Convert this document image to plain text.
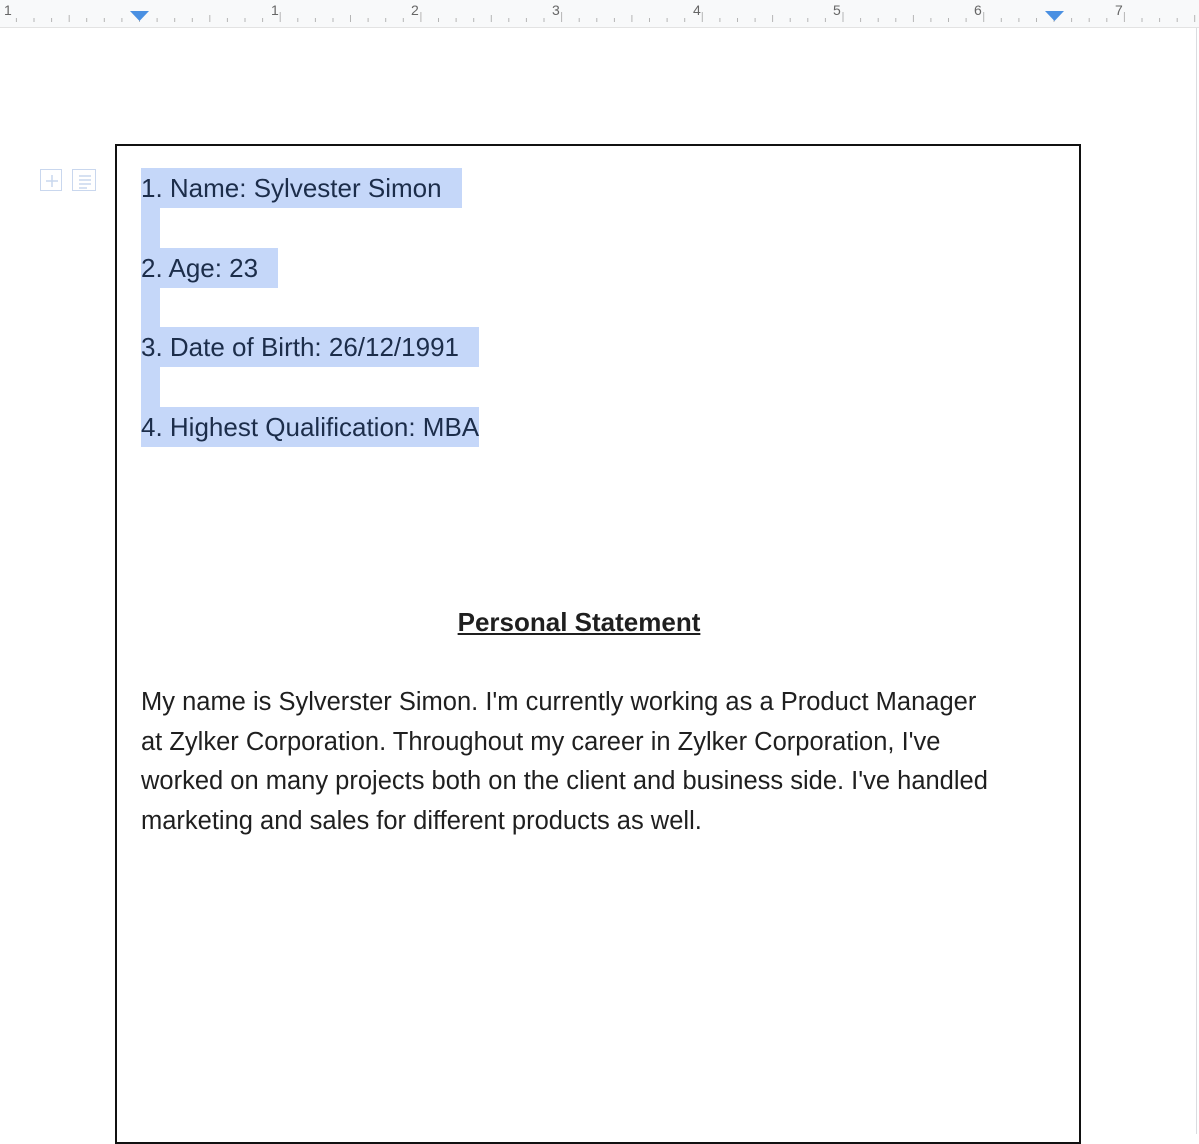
1	1	2	3	4	5	6	7
1. Name: Sylvester Simon
2. Age: 23
3. Date of Birth: 26/12/1991
4. Highest Qualification: MBA
Personal Statement
My name is Sylverster Simon. I'm currently working as a Product Manager
at Zylker Corporation. Throughout my career in Zylker Corporation, I've
worked on many projects both on the client and business side. I've handled
marketing and sales for different products as well.
